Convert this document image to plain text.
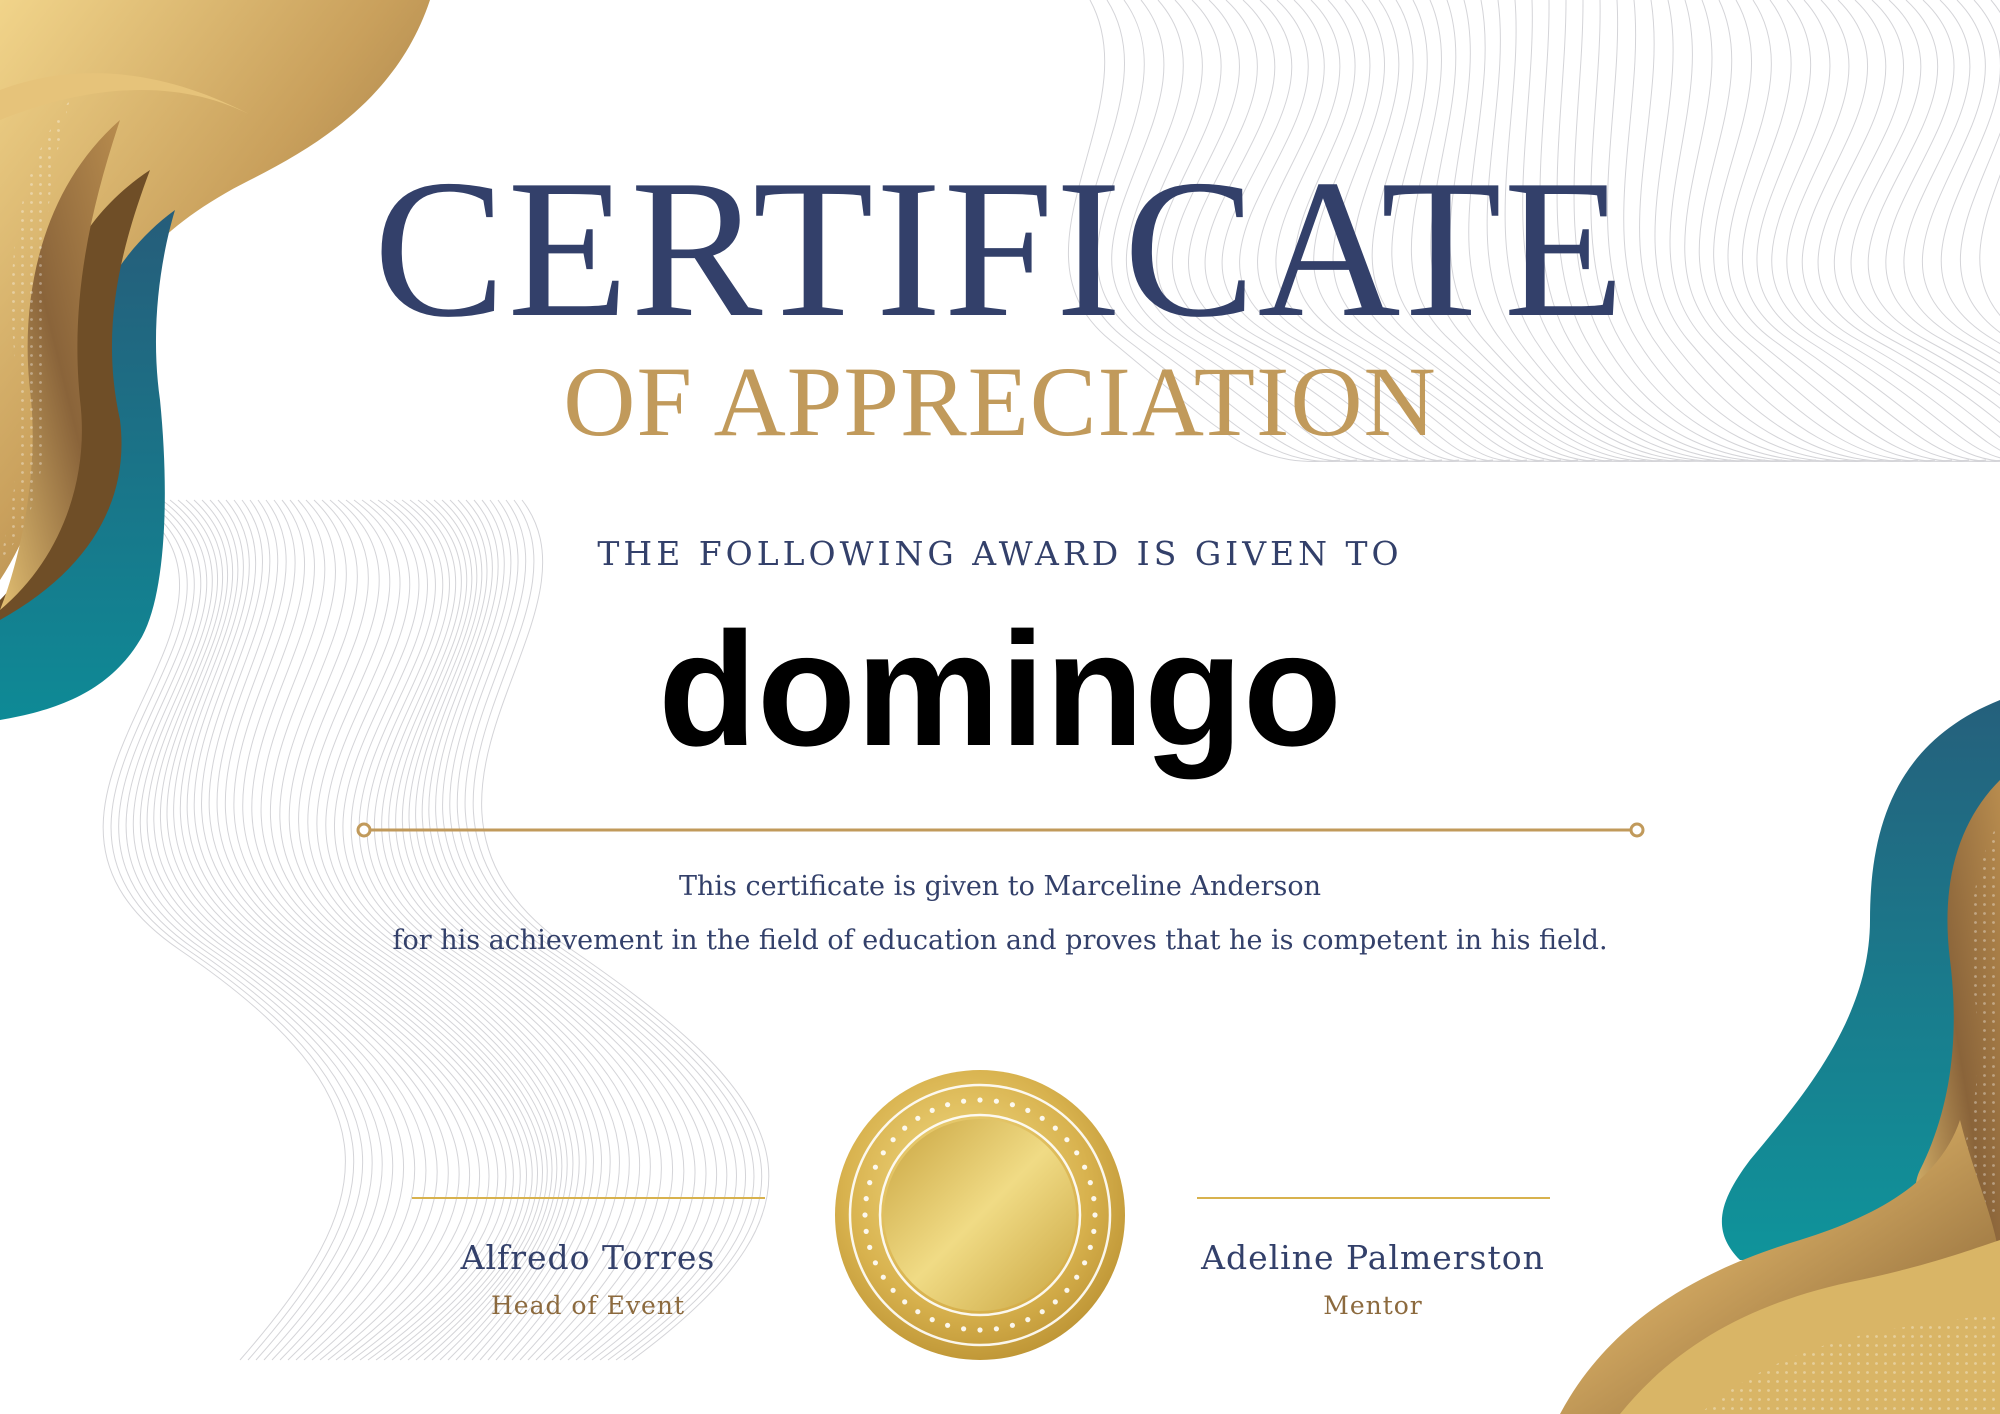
CERTIFICATE
OF APPRECIATION

THE FOLLOWING AWARD IS GIVEN TO

domingo

This certificate is given to Marceline Anderson
for his achievement in the field of education and proves that he is competent in his field.
Alfredo Torres
Head of Event
Adeline Palmerston
Mentor
